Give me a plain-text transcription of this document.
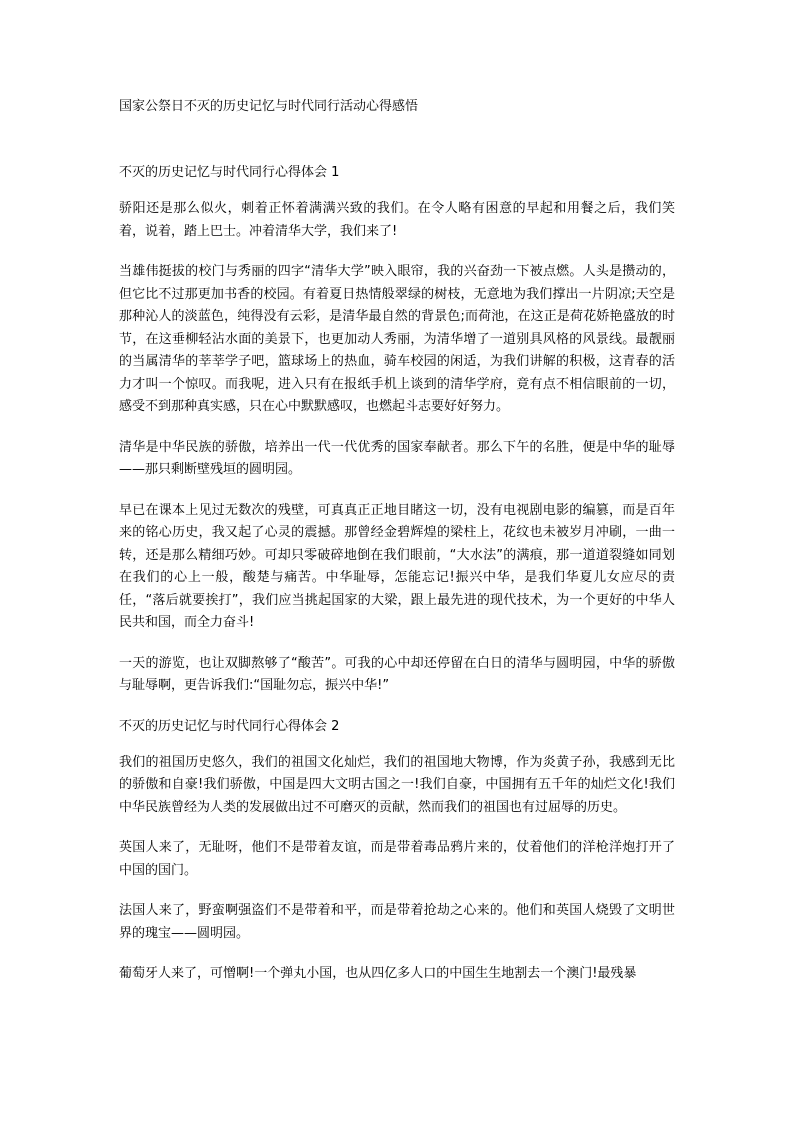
国家公祭日不灭的历史记忆与时代同行活动心得感悟
不灭的历史记忆与时代同行心得体会 1

骄阳还是那么似火，刺着正怀着满满兴致的我们。在令人略有困意的早起和用餐之后，我们笑着，说着，踏上巴士。冲着清华大学，我们来了!

当雄伟挺拔的校门与秀丽的四字“清华大学”映入眼帘，我的兴奋劲一下被点燃。人头是攒动的，但它比不过那更加书香的校园。有着夏日热情般翠绿的树枝，无意地为我们撑出一片阴凉;天空是那种沁人的淡蓝色，纯得没有云彩，是清华最自然的背景色;而荷池，在这正是荷花娇艳盛放的时节，在这垂柳轻沾水面的美景下，也更加动人秀丽，为清华增了一道别具风格的风景线。最靓丽的当属清华的莘莘学子吧，篮球场上的热血，骑车校园的闲适，为我们讲解的积极，这青春的活力才叫一个惊叹。而我呢，进入只有在报纸手机上谈到的清华学府，竟有点不相信眼前的一切，感受不到那种真实感，只在心中默默感叹，也燃起斗志要好好努力。

清华是中华民族的骄傲，培养出一代一代优秀的国家奉献者。那么下午的名胜，便是中华的耻辱——那只剩断壁残垣的圆明园。

早已在课本上见过无数次的残壁，可真真正正地目睹这一切，没有电视剧电影的编篡，而是百年来的铭心历史，我又起了心灵的震撼。那曾经金碧辉煌的梁柱上，花纹也未被岁月冲刷，一曲一转，还是那么精细巧妙。可却只零破碎地倒在我们眼前，“大水法”的满痕，那一道道裂缝如同划在我们的心上一般，酸楚与痛苦。中华耻辱，怎能忘记!振兴中华，是我们华夏儿女应尽的责任，“落后就要挨打”，我们应当挑起国家的大梁，跟上最先进的现代技术，为一个更好的中华人民共和国，而全力奋斗!

一天的游览，也让双脚熬够了“酸苦”。可我的心中却还停留在白日的清华与圆明园，中华的骄傲与耻辱啊，更告诉我们:“国耻勿忘，振兴中华!”

不灭的历史记忆与时代同行心得体会 2

我们的祖国历史悠久，我们的祖国文化灿烂，我们的祖国地大物博，作为炎黄子孙，我感到无比的骄傲和自豪!我们骄傲，中国是四大文明古国之一!我们自豪，中国拥有五千年的灿烂文化!我们中华民族曾经为人类的发展做出过不可磨灭的贡献，然而我们的祖国也有过屈辱的历史。

英国人来了，无耻呀，他们不是带着友谊，而是带着毒品鸦片来的，仗着他们的洋枪洋炮打开了中国的国门。

法国人来了，野蛮啊强盗们不是带着和平，而是带着抢劫之心来的。他们和英国人烧毁了文明世界的瑰宝——圆明园。

葡萄牙人来了，可憎啊!一个弹丸小国，也从四亿多人口的中国生生地割去一个澳门!最残暴
